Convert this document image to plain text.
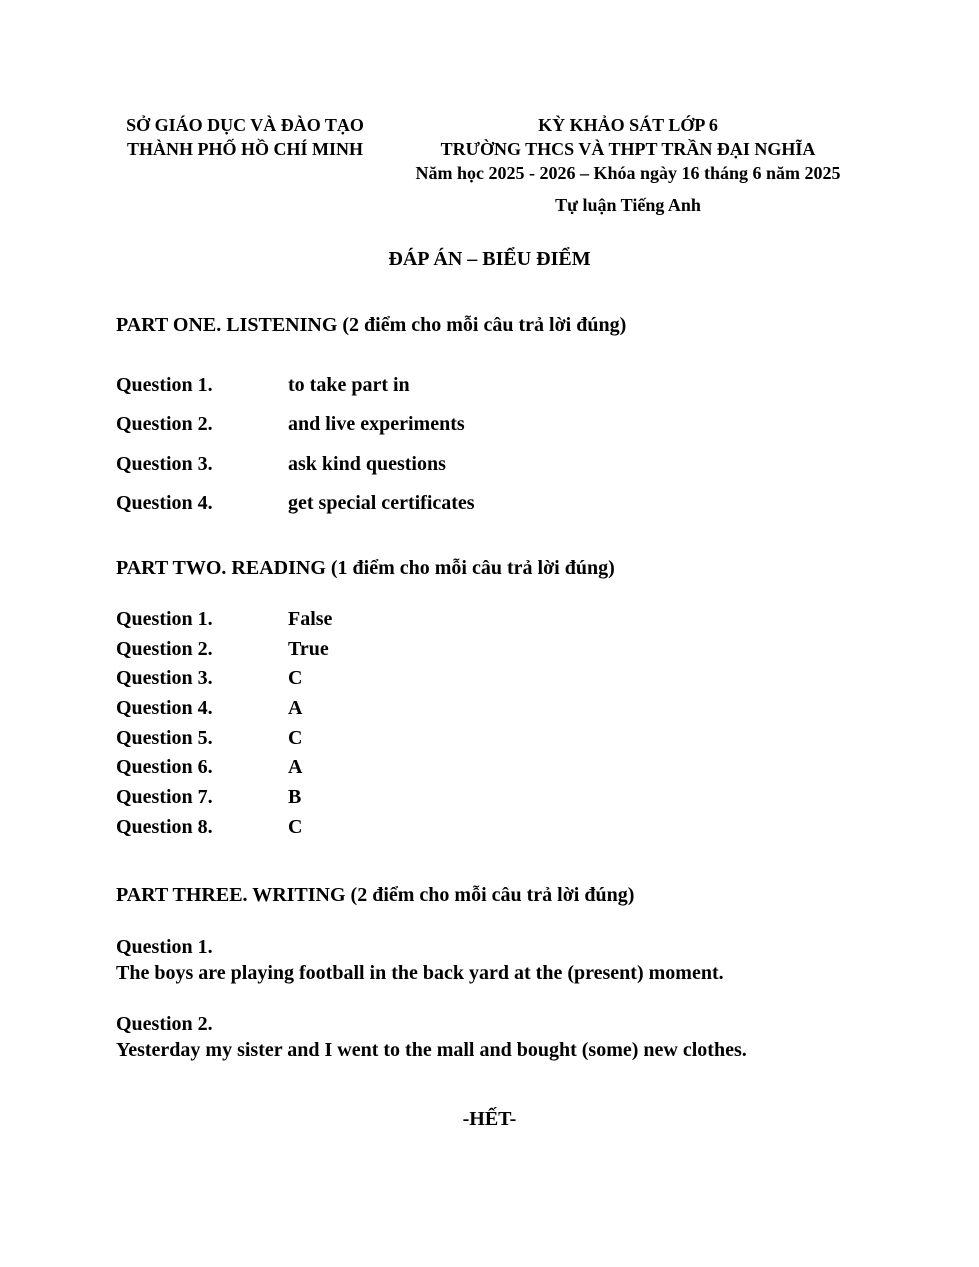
SỞ GIÁO DỤC VÀ ĐÀO TẠO
THÀNH PHỐ HỒ CHÍ MINH
KỲ KHẢO SÁT LỚP 6
TRƯỜNG THCS VÀ THPT TRẦN ĐẠI NGHĨA
Năm học 2025 - 2026 – Khóa ngày 16 tháng 6 năm 2025
Tự luận Tiếng Anh
ĐÁP ÁN – BIỂU ĐIỂM
PART ONE. LISTENING (2 điểm cho mỗi câu trả lời đúng)
Question 1.	to take part in
Question 2.	and live experiments
Question 3.	ask kind questions
Question 4.	get special certificates
PART TWO. READING (1 điểm cho mỗi câu trả lời đúng)
Question 1.	False
Question 2.	True
Question 3.	C
Question 4.	A
Question 5.	C
Question 6.	A
Question 7.	B
Question 8.	C
PART THREE. WRITING (2 điểm cho mỗi câu trả lời đúng)
Question 1.
The boys are playing football in the back yard at the (present) moment.
Question 2.
Yesterday my sister and I went to the mall and bought (some) new clothes.
-HẾT-
